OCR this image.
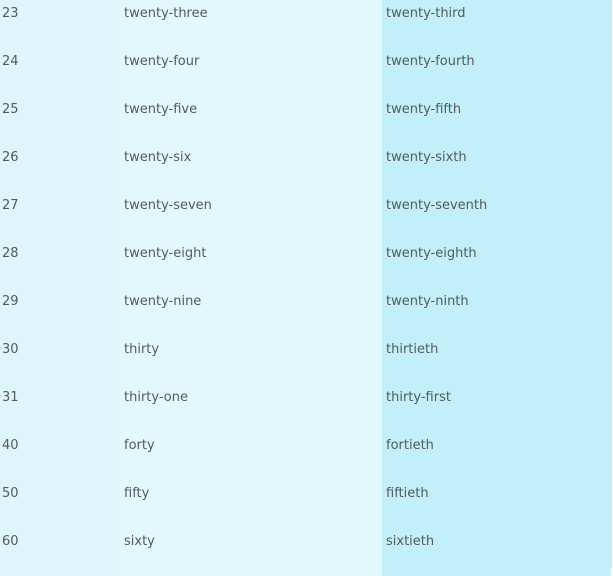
23
24
25
26
27
28
29
30
31
40
50
60
twenty-three
twenty-four
twenty-five
twenty-six
twenty-seven
twenty-eight
twenty-nine
thirty
thirty-one
forty
fifty
sixty
twenty-third
twenty-fourth
twenty-fifth
twenty-sixth
twenty-seventh
twenty-eighth
twenty-ninth
thirtieth
thirty-first
fortieth
fiftieth
sixtieth
